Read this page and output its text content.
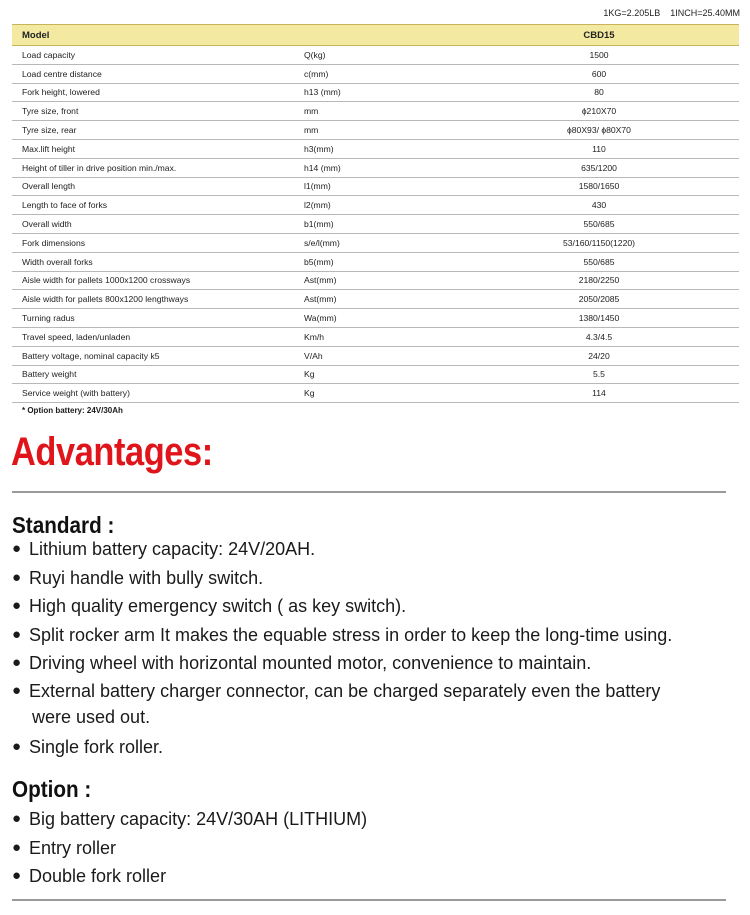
1KG=2.205LB    1INCH=25.40MM
Model		CBD15
Load capacity	Q(kg)	1500
Load centre distance	c(mm)	600
Fork height, lowered	h13 (mm)	80
Tyre size, front	mm	ɸ210X70
Tyre size, rear	mm	ɸ80X93/ ɸ80X70
Max.lift height	h3(mm)	110
Height of tiller in drive position min./max.	h14 (mm)	635/1200
Overall length	l1(mm)	1580/1650
Length to face of forks	l2(mm)	430
Overall width	b1(mm)	550/685
Fork dimensions	s/e/l(mm)	53/160/1150(1220)
Width overall forks	b5(mm)	550/685
Aisle width for pallets 1000x1200 crossways	Ast(mm)	2180/2250
Aisle width for pallets 800x1200 lengthways	Ast(mm)	2050/2085
Turning radus	Wa(mm)	1380/1450
Travel speed, laden/unladen	Km/h	4.3/4.5
Battery voltage, nominal capacity k5	V/Ah	24/20
Battery weight	Kg	5.5
Service weight (with battery)	Kg	114
* Option battery: 24V/30Ah
Advantages:
Standard :
● Lithium battery capacity: 24V/20AH.
● Ruyi handle with bully switch.
● High quality emergency switch ( as key switch).
● Split rocker arm It makes the equable stress in order to keep the long-time using.
● Driving wheel with horizontal mounted motor, convenience to maintain.
● External battery charger connector, can be charged separately even the battery
were used out.
● Single fork roller.
Option :
● Big battery capacity: 24V/30AH (LITHIUM)
● Entry roller
● Double fork roller
